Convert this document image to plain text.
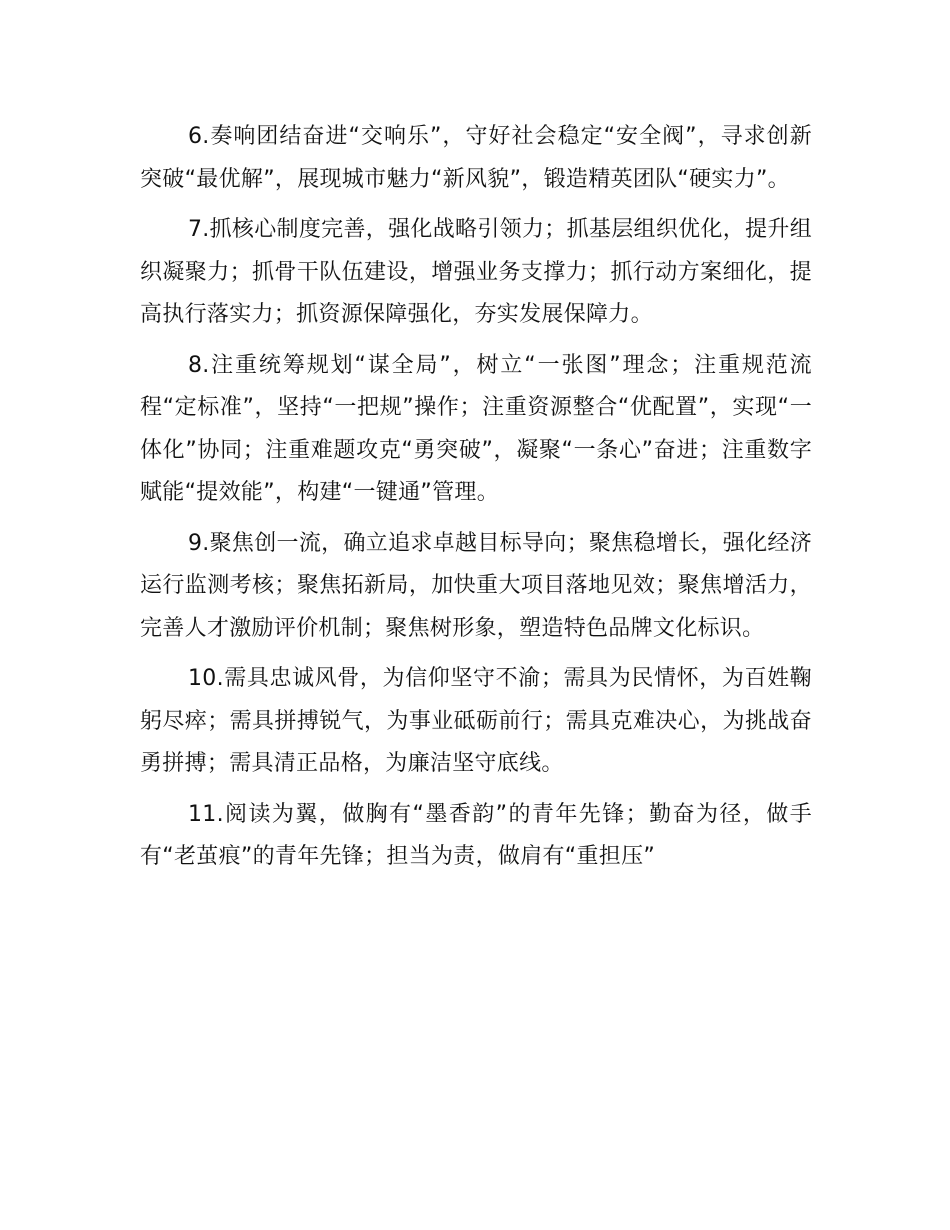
6.奏响团结奋进“交响乐”，守好社会稳定“安全阀”，寻求创新突破“最优解”，展现城市魅力“新风貌”，锻造精英团队“硬实力”。

7.抓核心制度完善，强化战略引领力；抓基层组织优化，提升组织凝聚力；抓骨干队伍建设，增强业务支撑力；抓行动方案细化，提高执行落实力；抓资源保障强化，夯实发展保障力。

8.注重统筹规划“谋全局”，树立“一张图”理念；注重规范流程“定标准”，坚持“一把规”操作；注重资源整合“优配置”，实现“一体化”协同；注重难题攻克“勇突破”，凝聚“一条心”奋进；注重数字赋能“提效能”，构建“一键通”管理。

9.聚焦创一流，确立追求卓越目标导向；聚焦稳增长，强化经济运行监测考核；聚焦拓新局，加快重大项目落地见效；聚焦增活力，完善人才激励评价机制；聚焦树形象，塑造特色品牌文化标识。

10.需具忠诚风骨，为信仰坚守不渝；需具为民情怀，为百姓鞠躬尽瘁；需具拼搏锐气，为事业砥砺前行；需具克难决心，为挑战奋勇拼搏；需具清正品格，为廉洁坚守底线。

11.阅读为翼，做胸有“墨香韵”的青年先锋；勤奋为径，做手有“老茧痕”的青年先锋；担当为责，做肩有“重担压”
